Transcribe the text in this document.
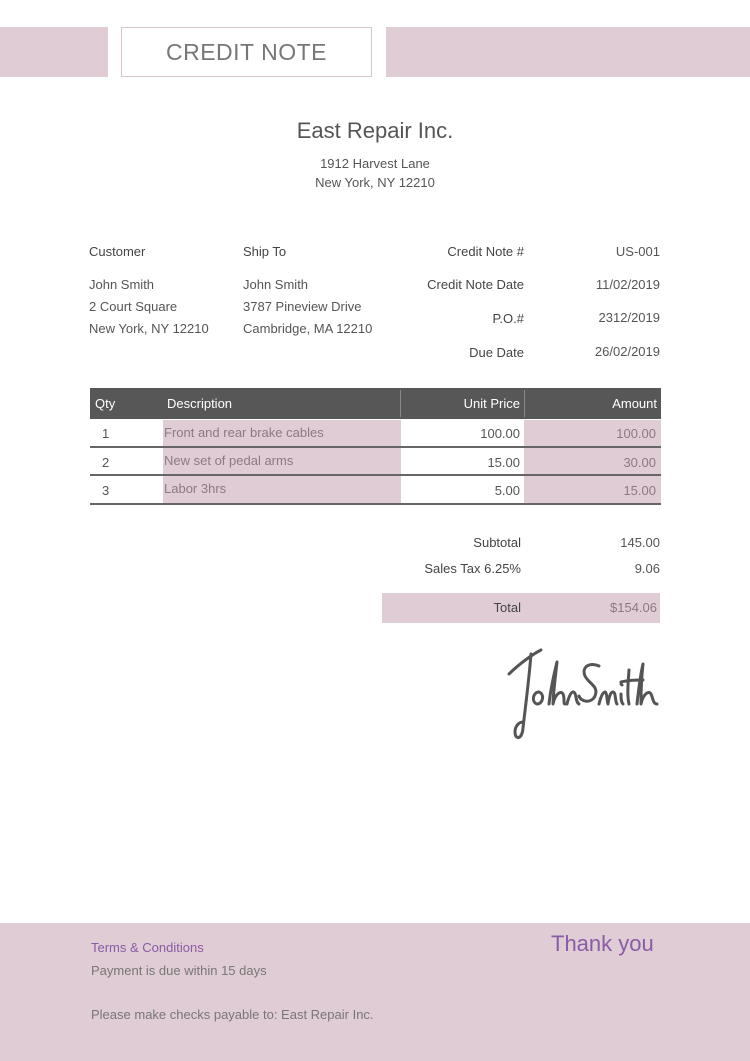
CREDIT NOTE
East Repair Inc.
1912 Harvest Lane
New York, NY 12210
Customer
John Smith
2 Court Square
New York, NY 12210
Ship To
John Smith
3787 Pineview Drive
Cambridge, MA 12210
Credit Note #	US-001
Credit Note Date	11/02/2019
P.O.#	2312/2019
Due Date	26/02/2019
Qty	Description	Unit Price	Amount
1	Front and rear brake cables	100.00	100.00
2	New set of pedal arms	15.00	30.00
3	Labor 3hrs	5.00	15.00
Subtotal	145.00
Sales Tax 6.25%	9.06
Total	$154.06
Terms & Conditions	Thank you
Payment is due within 15 days
Please make checks payable to: East Repair Inc.
